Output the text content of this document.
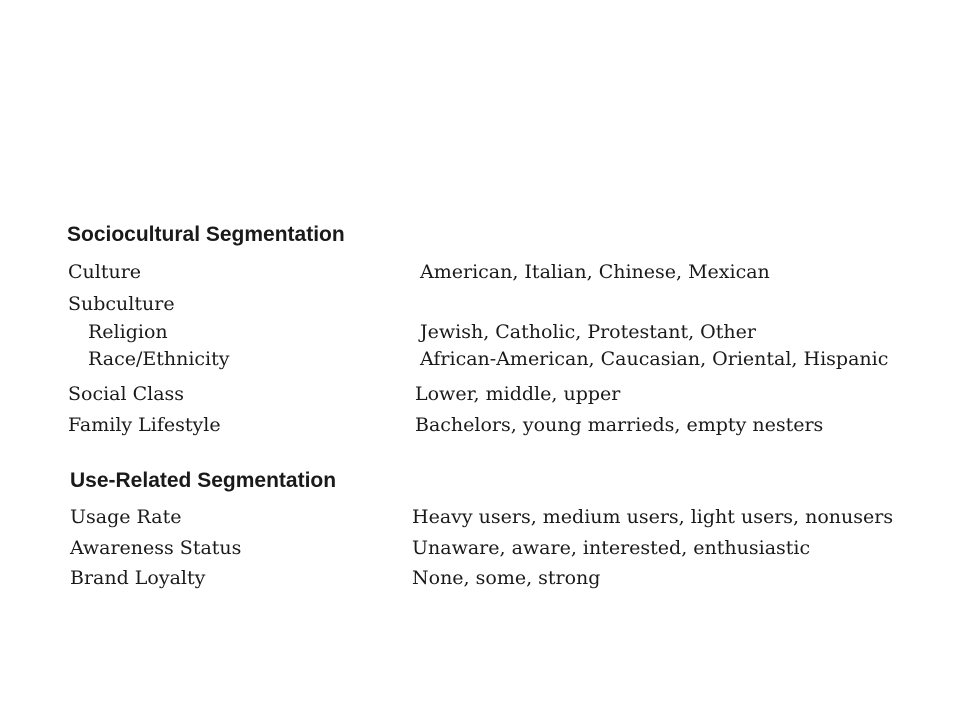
Sociocultural Segmentation
Culture	American, Italian, Chinese, Mexican
Subculture
Religion	Jewish, Catholic, Protestant, Other
Race/Ethnicity	African-American, Caucasian, Oriental, Hispanic
Social Class	Lower, middle, upper
Family Lifestyle	Bachelors, young marrieds, empty nesters
Use-Related Segmentation
Usage Rate	Heavy users, medium users, light users, nonusers
Awareness Status	Unaware, aware, interested, enthusiastic
Brand Loyalty	None, some, strong
